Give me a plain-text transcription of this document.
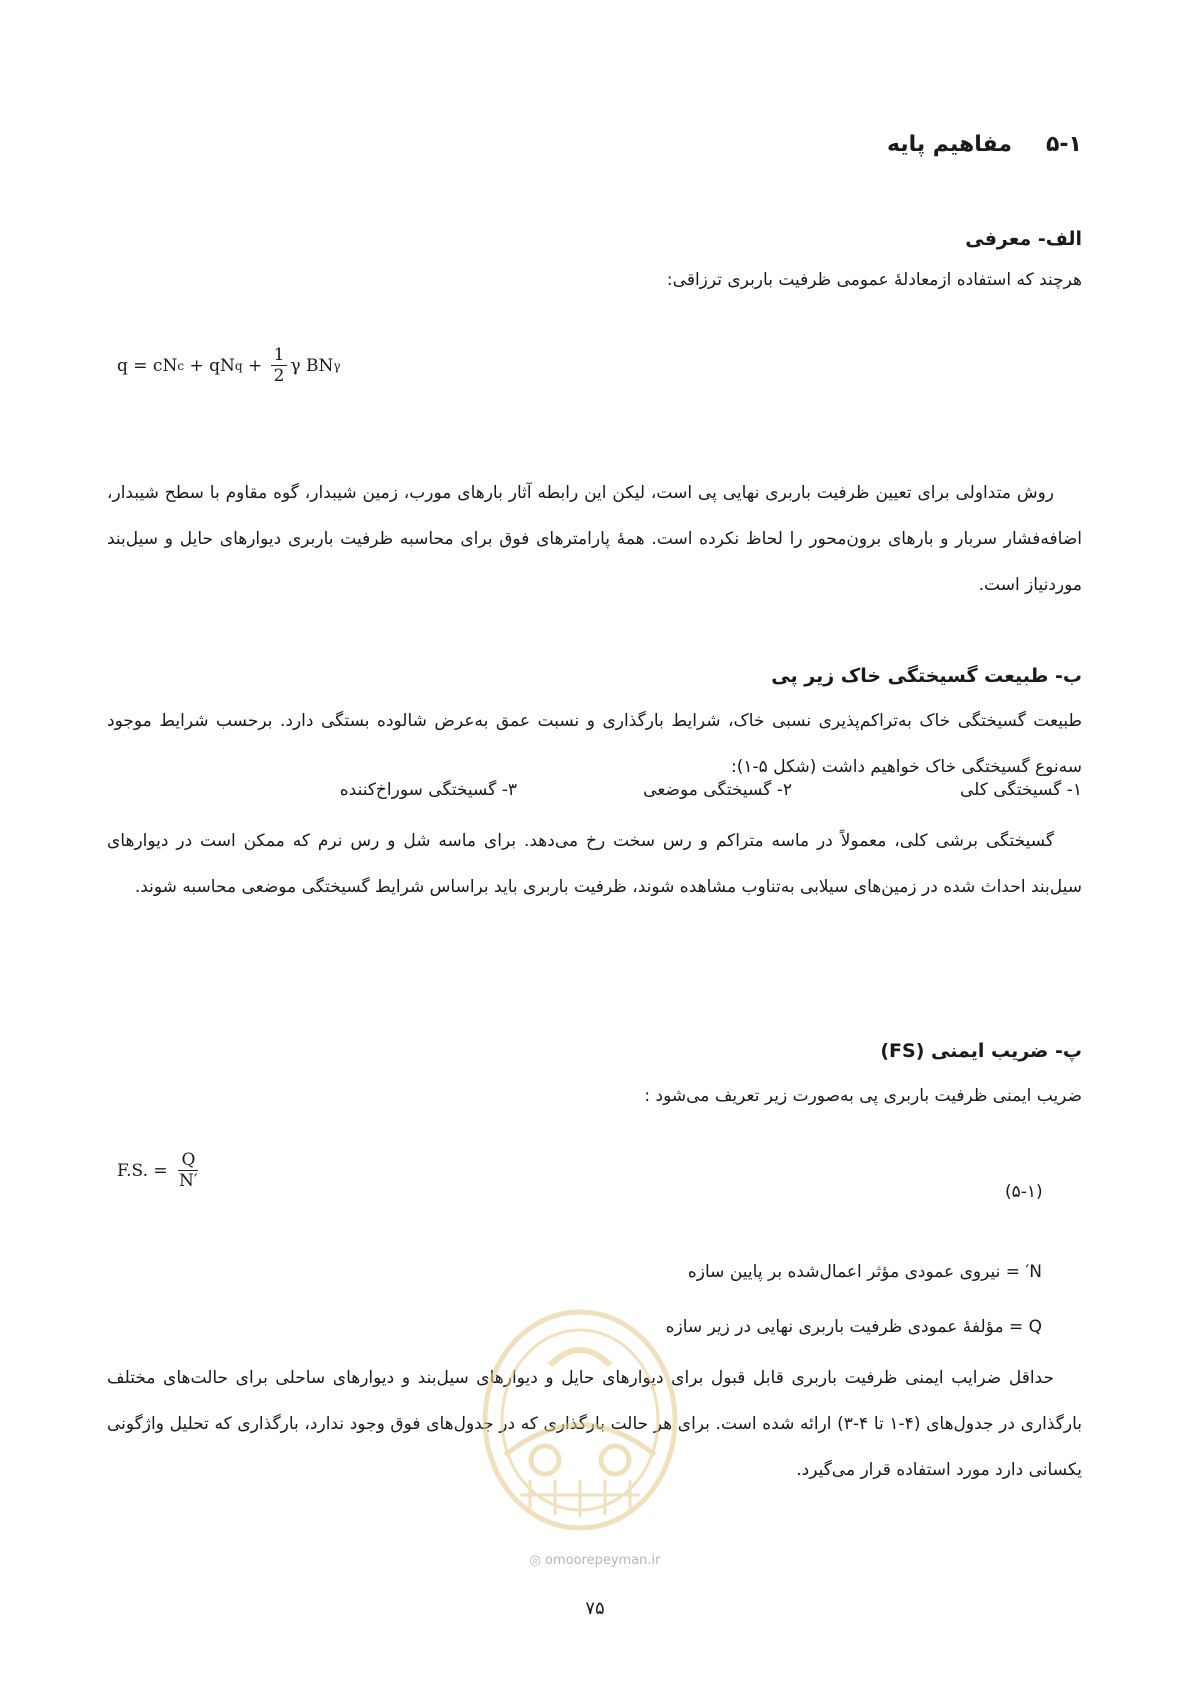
۵-۱مفاهیم پایه
الف- معرفی
هرچند که استفاده ازمعادلهٔ عمومی ظرفیت باربری ترزاقی:
q = cN c + qN $q + \frac{1}{2}$ γ BN γ
روش متداولی برای تعیین ظرفیت باربری نهایی پی است، لیکن این رابطه آثار بارهای مورب، زمین شیبدار، گوه مقاوم با سطح شیبدار، اضافه‌فشار سربار و بارهای برون‌محور را لحاظ نکرده است. همهٔ پارامترهای فوق برای محاسبه ظرفیت باربری دیوارهای حایل و سیل‌بند موردنیاز است.
ب- طبیعت گسیختگی خاک زیر پی
طبیعت گسیختگی خاک به‌تراکم‌پذیری نسبی خاک، شرایط بارگذاری و نسبت عمق به‌عرض شالوده بستگی دارد. برحسب شرایط موجود سه‌نوع گسیختگی خاک خواهیم داشت (شکل ۵-۱):
۱- گسیختگی کلی
۲- گسیختگی موضعی
۳- گسیختگی سوراخ‌کننده
گسیختگی برشی کلی، معمولاً در ماسه متراکم و رس سخت رخ می‌دهد. برای ماسه شل و رس نرم که ممکن است در دیوارهای سیل‌بند احداث شده در زمین‌های سیلابی به‌تناوب مشاهده شوند، ظرفیت باربری باید براساس شرایط گسیختگی موضعی محاسبه شوند.
پ- ضریب ایمنی (FS)
ضریب ایمنی ظرفیت باربری پی به‌صورت زیر تعریف می‌شود :
F.S. = $\frac{Q}{N'}$
(۵-۱)
N′ = نیروی عمودی مؤثر اعمال‌شده بر پایین سازه
Q = مؤلفهٔ عمودی ظرفیت باربری نهایی در زیر سازه
حداقل ضرایب ایمنی ظرفیت باربری قابل قبول برای دیوارهای حایل و دیوارهای سیل‌بند و دیوارهای ساحلی برای حالت‌های مختلف بارگذاری در جدول‌های (۴-۱ تا ۴-۳) ارائه شده است. برای هر حالت بارگذاری که در جدول‌های فوق وجود ندارد، بارگذاری که تحلیل واژگونی یکسانی دارد مورد استفاده قرار می‌گیرد.
◎ omoorepeyman.ir
۷۵
